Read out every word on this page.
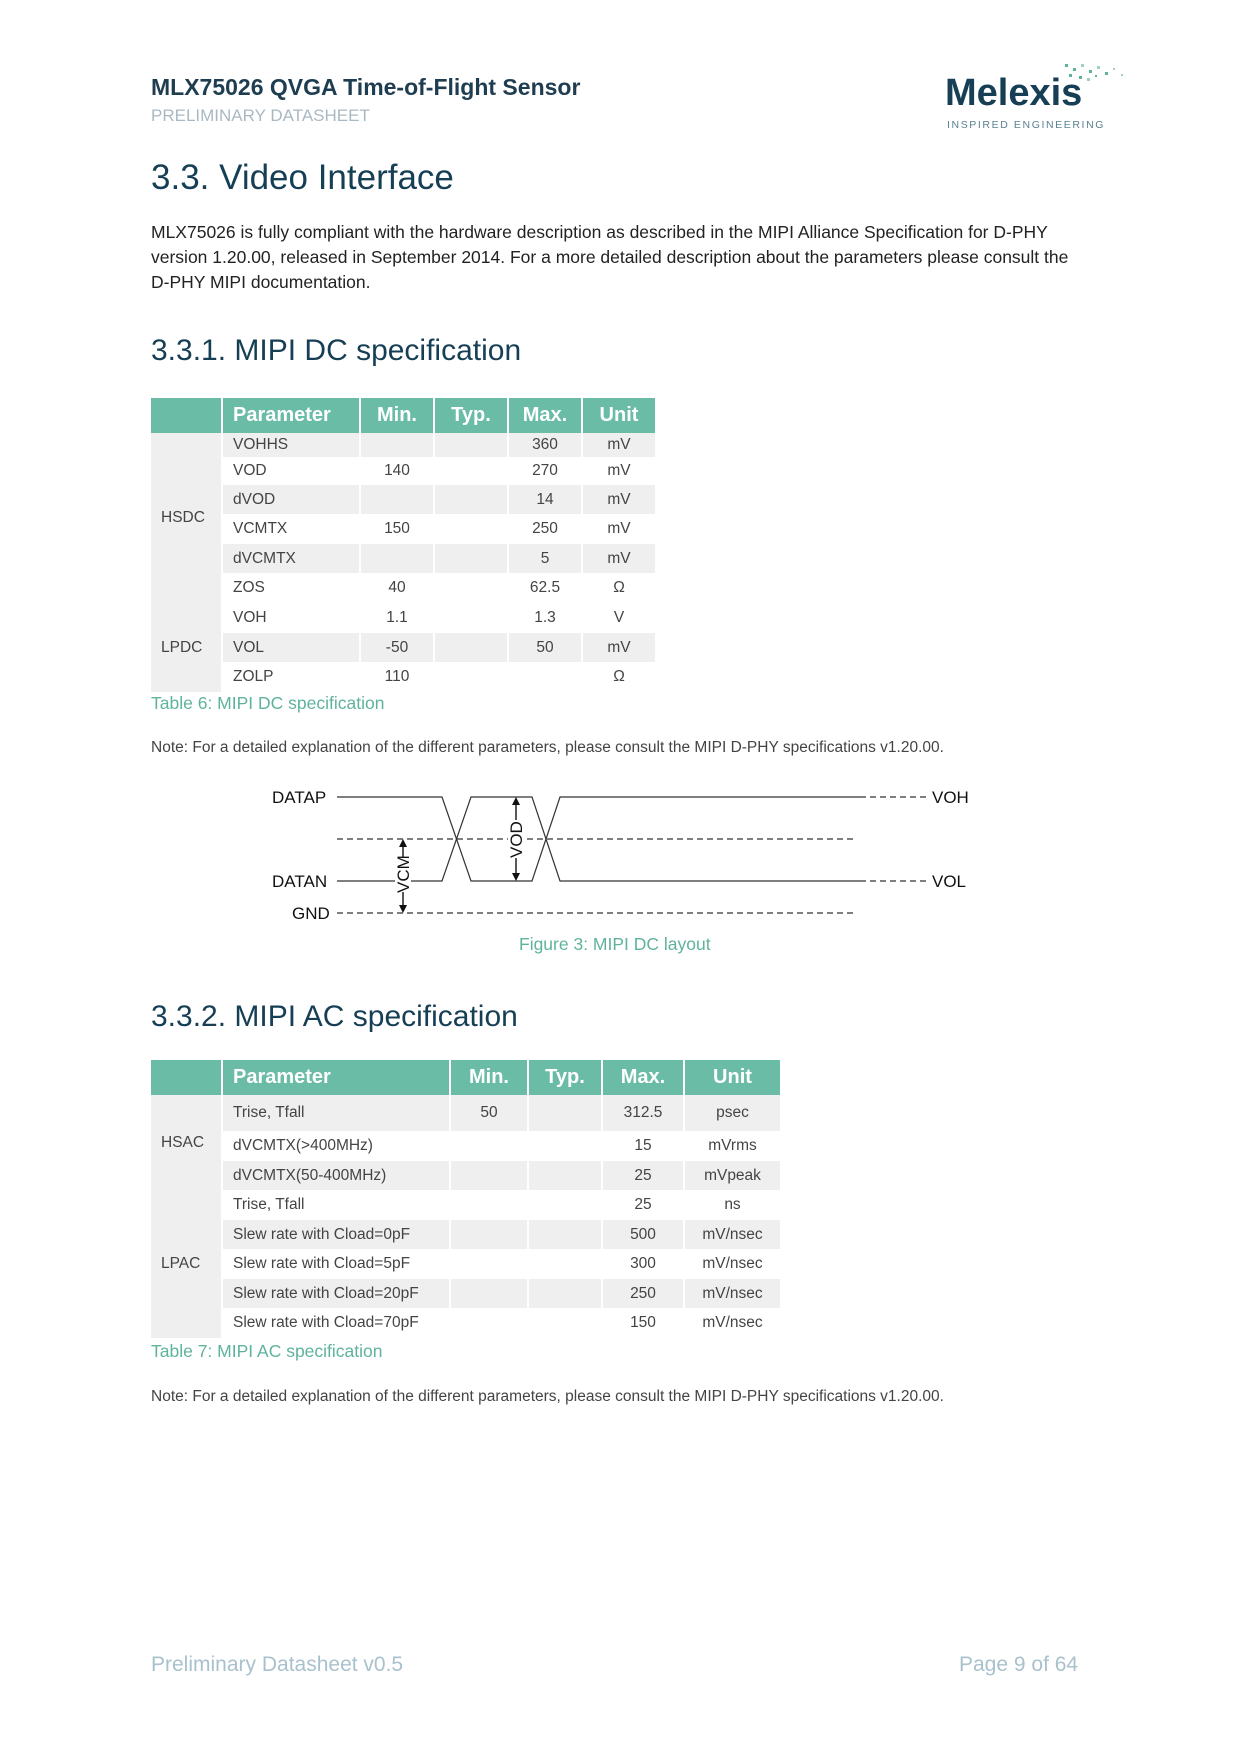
MLX75026 QVGA Time-of-Flight Sensor
PRELIMINARY DATASHEET
Melexis
INSPIRED ENGINEERING
3.3. Video Interface

MLX75026 is fully compliant with the hardware description as described in the MIPI Alliance Specification for D-PHY version 1.20.00, released in September 2014. For a more detailed description about the parameters please consult the D-PHY MIPI documentation.

3.3.1. MIPI DC specification
	Parameter	Min.	Typ.	Max.	Unit
HSDC	VOHHS			360	mV
	VOD	140		270	mV
	dVOD			14	mV
	VCMTX	150		250	mV
	dVCMTX			5	mV
	ZOS	40		62.5	Ω
LPDC	VOH	1.1		1.3	V
	VOL	-50		50	mV
	ZOLP	110			Ω
Table 6: MIPI DC specification
Note: For a detailed explanation of the different parameters, please consult the MIPI D-PHY specifications v1.20.00.
DATAP
DATAN
GND
VOH
VOL
VCM
VOD
Figure 3: MIPI DC layout
3.3.2. MIPI AC specification
	Parameter	Min.	Typ.	Max.	Unit
HSAC	Trise, Tfall	50		312.5	psec
	dVCMTX(>400MHz)			15	mVrms
	dVCMTX(50-400MHz)			25	mVpeak
LPAC	Trise, Tfall			25	ns
	Slew rate with Cload=0pF			500	mV/nsec
	Slew rate with Cload=5pF			300	mV/nsec
	Slew rate with Cload=20pF			250	mV/nsec
	Slew rate with Cload=70pF			150	mV/nsec
Table 7: MIPI AC specification
Note: For a detailed explanation of the different parameters, please consult the MIPI D-PHY specifications v1.20.00.
Preliminary Datasheet v0.5	Page 9 of 64
